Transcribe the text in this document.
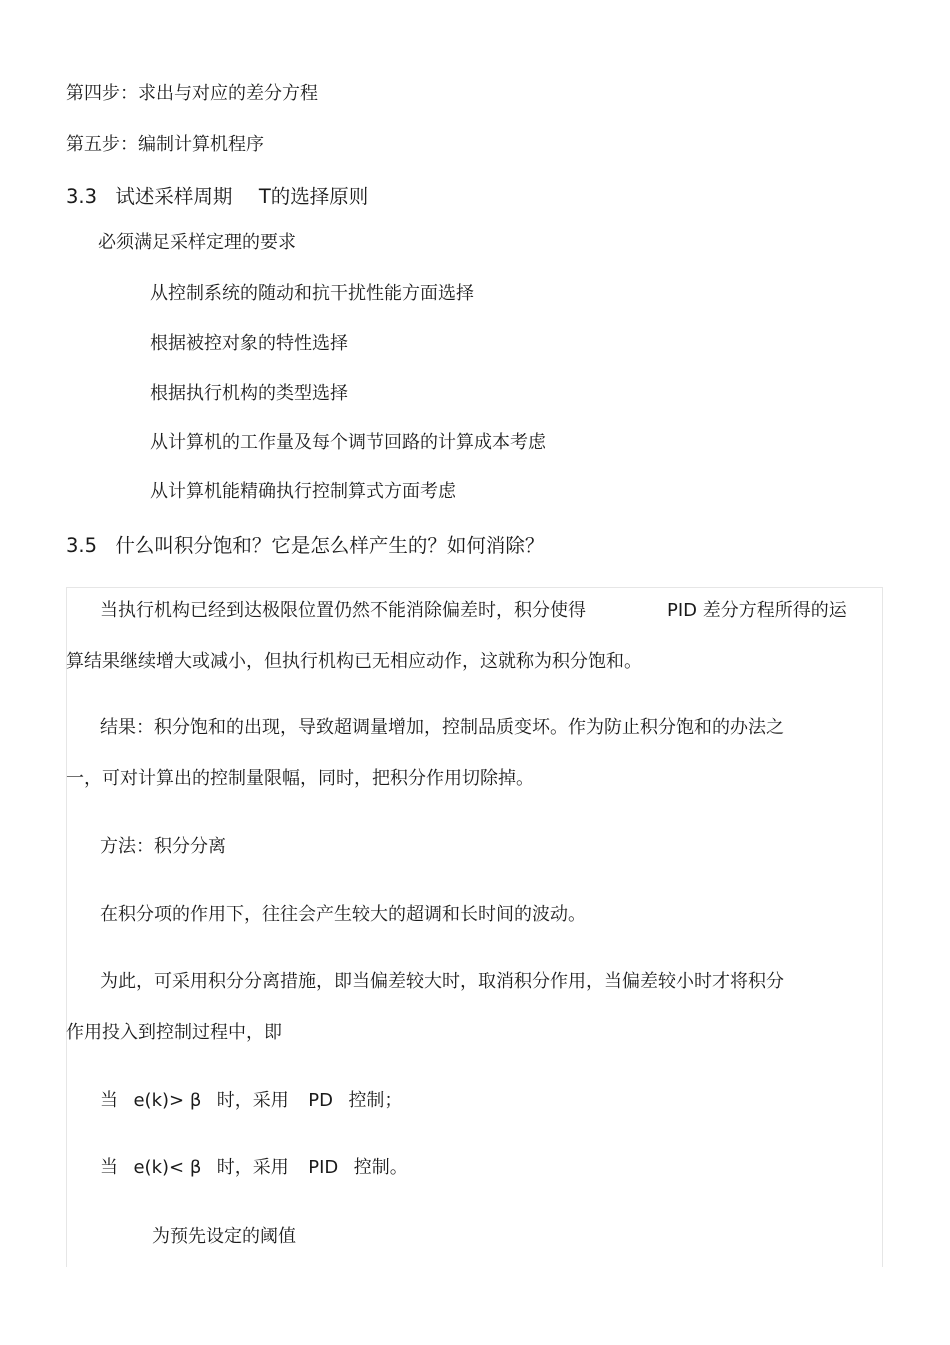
第四步：求出与对应的差分方程
第五步：编制计算机程序
3.3 试述采样周期 T的选择原则
必须满足采样定理的要求
从控制系统的随动和抗干扰性能方面选择
根据被控对象的特性选择
根据执行机构的类型选择
从计算机的工作量及每个调节回路的计算成本考虑
从计算机能精确执行控制算式方面考虑
3.5 什么叫积分饱和？它是怎么样产生的？如何消除？
当执行机构已经到达极限位置仍然不能消除偏差时，积分使得	PID 差分方程所得的运
算结果继续增大或减小，但执行机构已无相应动作，这就称为积分饱和。
结果：积分饱和的出现，导致超调量增加，控制品质变坏。作为防止积分饱和的办法之
一，可对计算出的控制量限幅，同时，把积分作用切除掉。
方法：积分分离
在积分项的作用下，往往会产生较大的超调和长时间的波动。
为此，可采用积分分离措施，即当偏差较大时，取消积分作用，当偏差较小时才将积分
作用投入到控制过程中，即
当 e(k)> β 时，采用 PD 控制；
当 e(k)< β 时，采用 PID 控制。
为预先设定的阈值
